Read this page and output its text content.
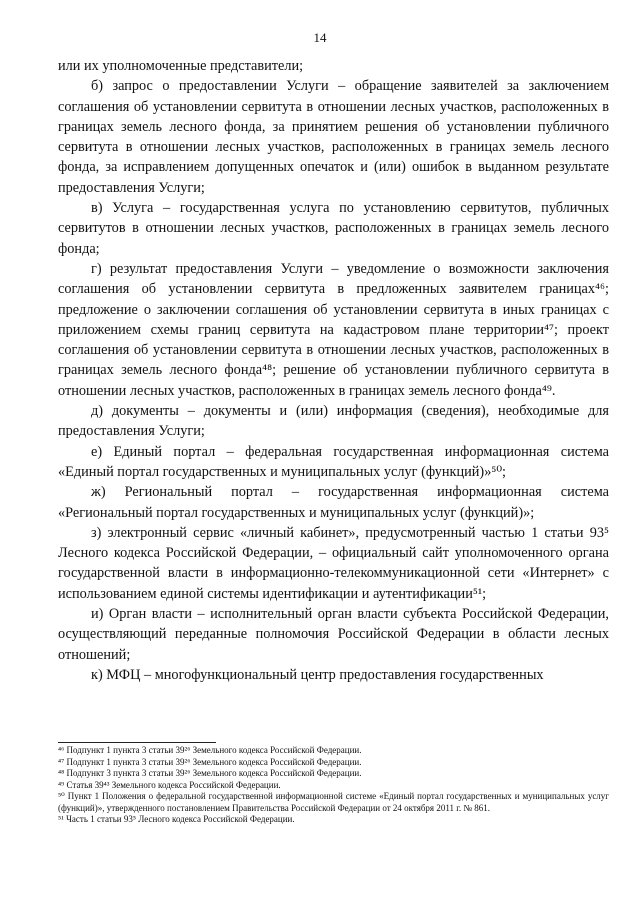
14

или их уполномоченные представители;

б) запрос о предоставлении Услуги – обращение заявителей за заключением соглашения об установлении сервитута в отношении лесных участков, расположенных в границах земель лесного фонда, за принятием решения об установлении публичного сервитута в отношении лесных участков, расположенных в границах земель лесного фонда, за исправлением допущенных опечаток и (или) ошибок в выданном результате предоставления Услуги;

в) Услуга – государственная услуга по установлению сервитутов, публичных сервитутов в отношении лесных участков, расположенных в границах земель лесного фонда;

г) результат предоставления Услуги – уведомление о возможности заключения соглашения об установлении сервитута в предложенных заявителем границах⁴⁶; предложение о заключении соглашения об установлении сервитута в иных границах с приложением схемы границ сервитута на кадастровом плане территории⁴⁷; проект соглашения об установлении сервитута в отношении лесных участков, расположенных в границах земель лесного фонда⁴⁸; решение об установлении публичного сервитута в отношении лесных участков, расположенных в границах земель лесного фонда⁴⁹.

д) документы – документы и (или) информация (сведения), необходимые для предоставления Услуги;

е) Единый портал – федеральная государственная информационная система «Единый портал государственных и муниципальных услуг (функций)»⁵⁰;

ж) Региональный портал – государственная информационная система «Региональный портал государственных и муниципальных услуг (функций)»;

з) электронный сервис «личный кабинет», предусмотренный частью 1 статьи 93⁵ Лесного кодекса Российской Федерации, – официальный сайт уполномоченного органа государственной власти в информационно-телекоммуникационной сети «Интернет» с использованием единой системы идентификации и аутентификации⁵¹;

и) Орган власти – исполнительный орган власти субъекта Российской Федерации, осуществляющий переданные полномочия Российской Федерации в области лесных отношений;

к) МФЦ – многофункциональный центр предоставления государственных

⁴⁶ Подпункт 1 пункта 3 статьи 39²⁶ Земельного кодекса Российской Федерации.

⁴⁷ Подпункт 1 пункта 3 статьи 39²⁶ Земельного кодекса Российской Федерации.

⁴⁸ Подпункт 3 пункта 3 статьи 39²⁶ Земельного кодекса Российской Федерации.

⁴⁹ Статья 39⁴³ Земельного кодекса Российской Федерации.

⁵⁰ Пункт 1 Положения о федеральной государственной информационной системе «Единый портал государственных и муниципальных услуг (функций)», утвержденного постановлением Правительства Российской Федерации от 24 октября 2011 г. № 861.

⁵¹ Часть 1 статьи 93⁵ Лесного кодекса Российской Федерации.
